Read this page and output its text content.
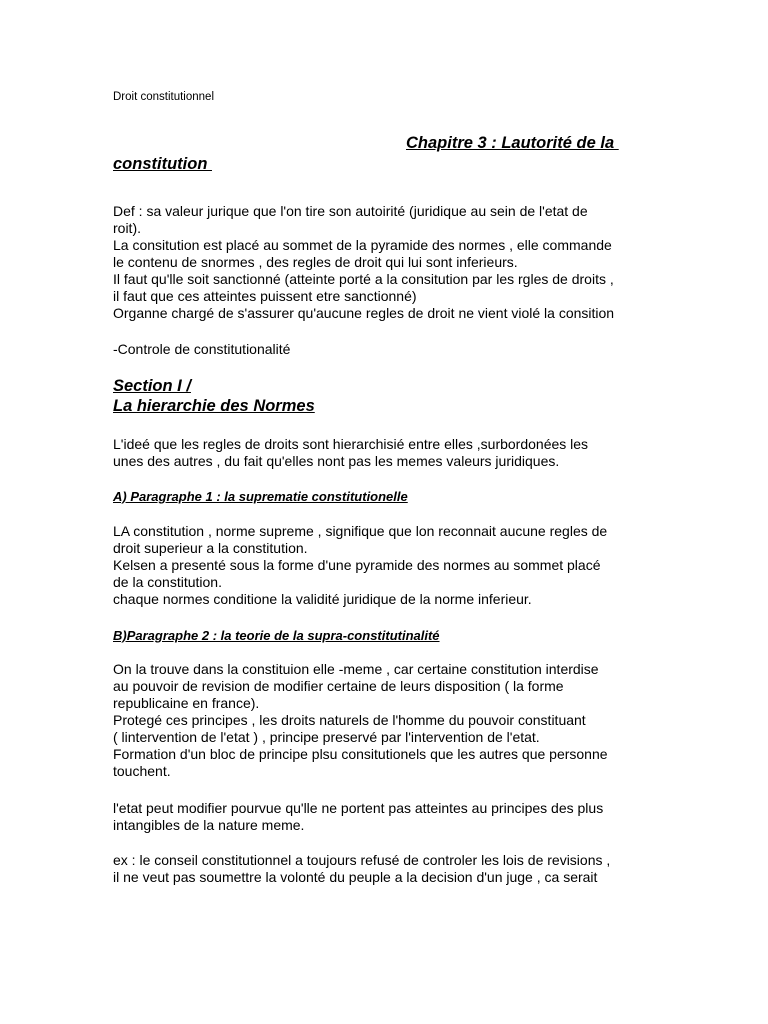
Droit constitutionnel
Chapitre 3 : Lautorité de la
constitution
Def : sa valeur jurique que l'on tire son autoirité (juridique au sein de l'etat de
roit).
La consitution est placé au sommet de la pyramide des normes , elle commande
le contenu de snormes , des regles de droit qui lui sont inferieurs.
Il faut qu'lle soit sanctionné (atteinte porté a la consitution par les rgles de droits ,
il faut que ces atteintes puissent etre sanctionné)
Organne chargé de s'assurer qu'aucune regles de droit ne vient violé la consition
-Controle de constitutionalité
Section I /
La hierarchie des Normes
L'ideé que les regles de droits sont hierarchisié entre elles ,surbordonées les
unes des autres , du fait qu'elles nont pas les memes valeurs juridiques.
A) Paragraphe 1 : la suprematie constitutionelle
LA constitution , norme supreme , signifique que lon reconnait aucune regles de
droit superieur a la constitution.
Kelsen a presenté sous la forme d'une pyramide des normes au sommet placé
de la constitution.
chaque normes conditione la validité juridique de la norme inferieur.
B)Paragraphe 2 : la teorie de la supra-constitutinalité
On la trouve dans la constituion elle -meme , car certaine constitution interdise
au pouvoir de revision de modifier certaine de leurs disposition ( la forme
republicaine en france).
Protegé ces principes , les droits naturels de l'homme du pouvoir constituant
( lintervention de l'etat ) , principe preservé par l'intervention de l'etat.
Formation d'un bloc de principe plsu consitutionels que les autres que personne
touchent.
l'etat peut modifier pourvue qu'lle ne portent pas atteintes au principes des plus
intangibles de la nature meme.
ex : le conseil constitutionnel a toujours refusé de controler les lois de revisions ,
il ne veut pas soumettre la volonté du peuple a la decision d'un juge , ca serait
